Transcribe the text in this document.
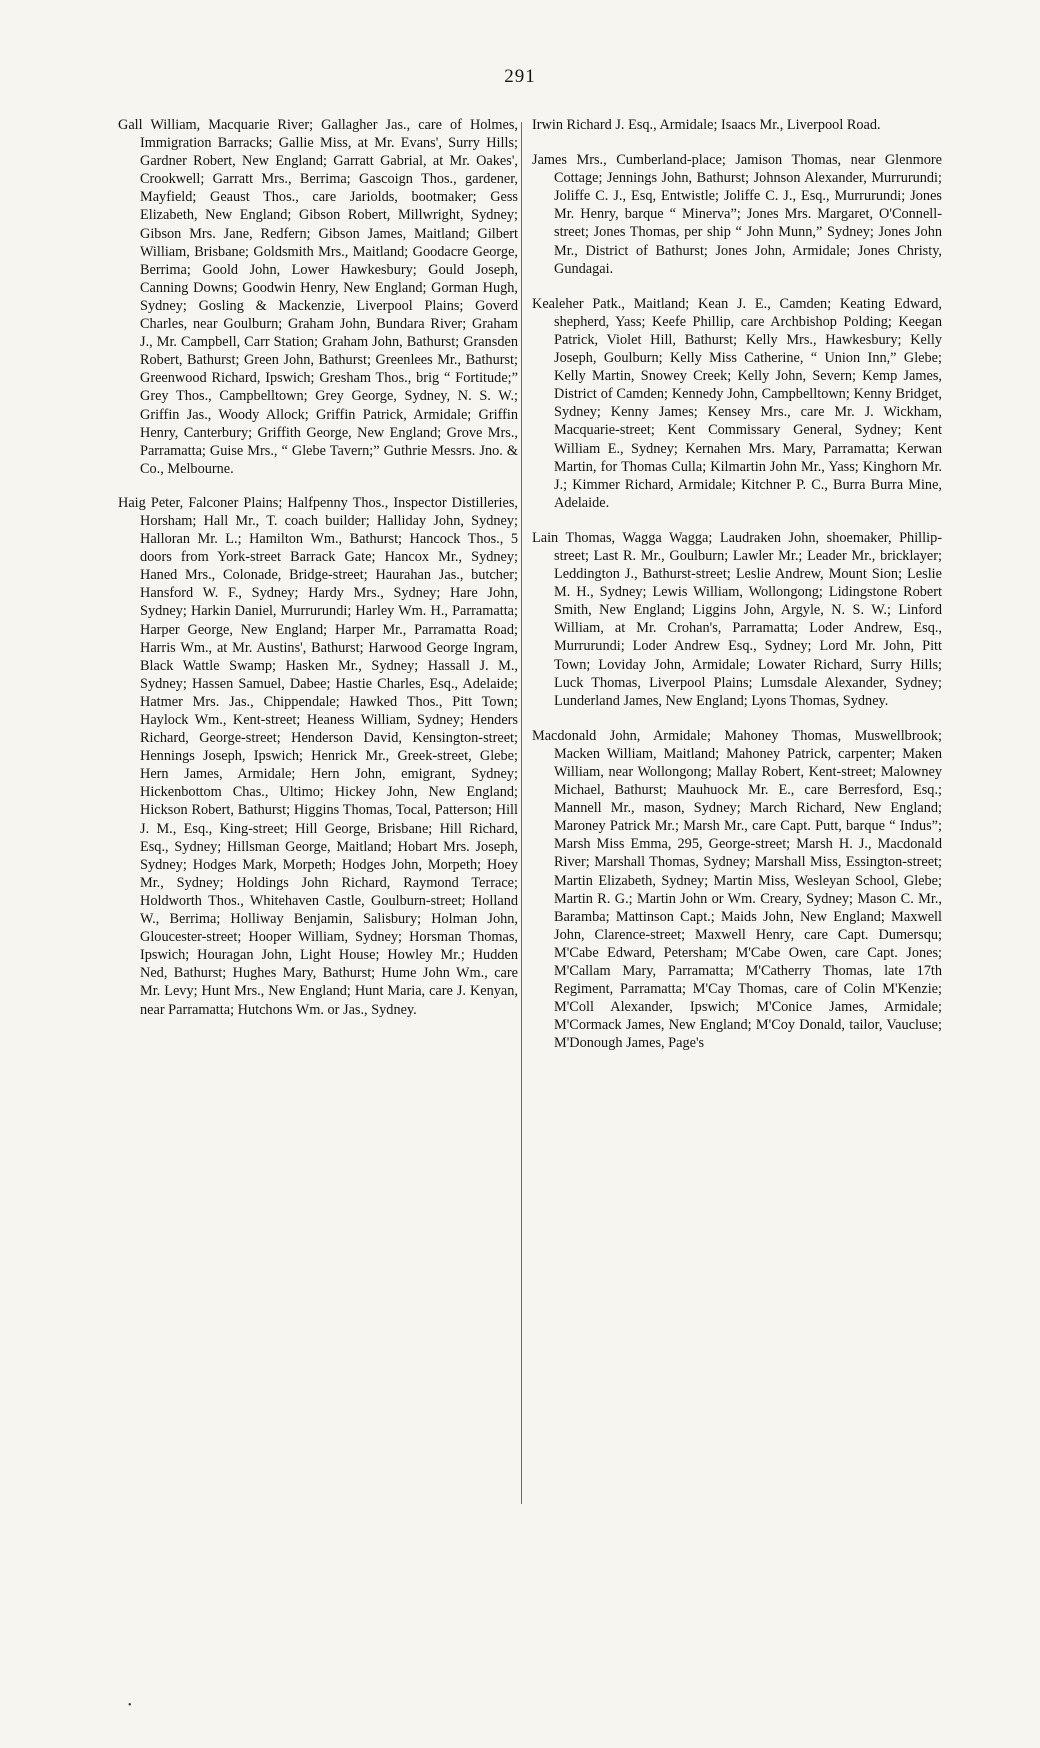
291

Gall William, Macquarie River; Gallagher Jas., care of Holmes, Immigration Barracks; Gallie Miss, at Mr. Evans', Surry Hills; Gardner Robert, New England; Garratt Gabrial, at Mr. Oakes', Crookwell; Garratt Mrs., Berrima; Gascoign Thos., gardener, Mayfield; Geaust Thos., care Jariolds, bootmaker; Gess Elizabeth, New England; Gibson Robert, Millwright, Sydney; Gibson Mrs. Jane, Redfern; Gibson James, Maitland; Gilbert William, Brisbane; Goldsmith Mrs., Maitland; Goodacre George, Berrima; Goold John, Lower Hawkesbury; Gould Joseph, Canning Downs; Goodwin Henry, New England; Gorman Hugh, Sydney; Gosling & Mackenzie, Liverpool Plains; Goverd Charles, near Goulburn; Graham John, Bundara River; Graham J., Mr. Campbell, Carr Station; Graham John, Bathurst; Gransden Robert, Bathurst; Green John, Bathurst; Greenlees Mr., Bathurst; Greenwood Richard, Ipswich; Gresham Thos., brig “ Fortitude;” Grey Thos., Campbelltown; Grey George, Sydney, N. S. W.; Griffin Jas., Woody Allock; Griffin Patrick, Armidale; Griffin Henry, Canterbury; Griffith George, New England; Grove Mrs., Parramatta; Guise Mrs., “ Glebe Tavern;” Guthrie Messrs. Jno. & Co., Melbourne.

Haig Peter, Falconer Plains; Halfpenny Thos., Inspector Distilleries, Horsham; Hall Mr., T. coach builder; Halliday John, Sydney; Halloran Mr. L.; Hamilton Wm., Bathurst; Hancock Thos., 5 doors from York-street Barrack Gate; Hancox Mr., Sydney; Haned Mrs., Colonade, Bridge-street; Haurahan Jas., butcher; Hansford W. F., Sydney; Hardy Mrs., Sydney; Hare John, Sydney; Harkin Daniel, Murrurundi; Harley Wm. H., Parramatta; Harper George, New England; Harper Mr., Parramatta Road; Harris Wm., at Mr. Austins', Bathurst; Harwood George Ingram, Black Wattle Swamp; Hasken Mr., Sydney; Hassall J. M., Sydney; Hassen Samuel, Dabee; Hastie Charles, Esq., Adelaide; Hatmer Mrs. Jas., Chippendale; Hawked Thos., Pitt Town; Haylock Wm., Kent-street; Heaness William, Sydney; Henders Richard, George-street; Henderson David, Kensington-street; Hennings Joseph, Ipswich; Henrick Mr., Greek-street, Glebe; Hern James, Armidale; Hern John, emigrant, Sydney; Hickenbottom Chas., Ultimo; Hickey John, New England; Hickson Robert, Bathurst; Higgins Thomas, Tocal, Patterson; Hill J. M., Esq., King-street; Hill George, Brisbane; Hill Richard, Esq., Sydney; Hillsman George, Maitland; Hobart Mrs. Joseph, Sydney; Hodges Mark, Morpeth; Hodges John, Morpeth; Hoey Mr., Sydney; Holdings John Richard, Raymond Terrace; Holdworth Thos., Whitehaven Castle, Goulburn-street; Holland W., Berrima; Holliway Benjamin, Salisbury; Holman John, Gloucester-street; Hooper William, Sydney; Horsman Thomas, Ipswich; Houragan John, Light House; Howley Mr.; Hudden Ned, Bathurst; Hughes Mary, Bathurst; Hume John Wm., care Mr. Levy; Hunt Mrs., New England; Hunt Maria, care J. Kenyan, near Parramatta; Hutchons Wm. or Jas., Sydney.

Irwin Richard J. Esq., Armidale; Isaacs Mr., Liverpool Road.

James Mrs., Cumberland-place; Jamison Thomas, near Glenmore Cottage; Jennings John, Bathurst; Johnson Alexander, Murrurundi; Joliffe C. J., Esq, Entwistle; Joliffe C. J., Esq., Murrurundi; Jones Mr. Henry, barque “ Minerva”; Jones Mrs. Margaret, O'Connell-street; Jones Thomas, per ship “ John Munn,” Sydney; Jones John Mr., District of Bathurst; Jones John, Armidale; Jones Christy, Gundagai.

Kealeher Patk., Maitland; Kean J. E., Camden; Keating Edward, shepherd, Yass; Keefe Phillip, care Archbishop Polding; Keegan Patrick, Violet Hill, Bathurst; Kelly Mrs., Hawkesbury; Kelly Joseph, Goulburn; Kelly Miss Catherine, “ Union Inn,” Glebe; Kelly Martin, Snowey Creek; Kelly John, Severn; Kemp James, District of Camden; Kennedy John, Campbelltown; Kenny Bridget, Sydney; Kenny James; Kensey Mrs., care Mr. J. Wickham, Macquarie-street; Kent Commissary General, Sydney; Kent William E., Sydney; Kernahen Mrs. Mary, Parramatta; Kerwan Martin, for Thomas Culla; Kilmartin John Mr., Yass; Kinghorn Mr. J.; Kimmer Richard, Armidale; Kitchner P. C., Burra Burra Mine, Adelaide.

Lain Thomas, Wagga Wagga; Laudraken John, shoemaker, Phillip-street; Last R. Mr., Goulburn; Lawler Mr.; Leader Mr., bricklayer; Leddington J., Bathurst-street; Leslie Andrew, Mount Sion; Leslie M. H., Sydney; Lewis William, Wollongong; Lidingstone Robert Smith, New England; Liggins John, Argyle, N. S. W.; Linford William, at Mr. Crohan's, Parramatta; Loder Andrew, Esq., Murrurundi; Loder Andrew Esq., Sydney; Lord Mr. John, Pitt Town; Loviday John, Armidale; Lowater Richard, Surry Hills; Luck Thomas, Liverpool Plains; Lumsdale Alexander, Sydney; Lunderland James, New England; Lyons Thomas, Sydney.

Macdonald John, Armidale; Mahoney Thomas, Muswellbrook; Macken William, Maitland; Mahoney Patrick, carpenter; Maken William, near Wollongong; Mallay Robert, Kent-street; Malowney Michael, Bathurst; Mauhuock Mr. E., care Berresford, Esq.; Mannell Mr., mason, Sydney; March Richard, New England; Maroney Patrick Mr.; Marsh Mr., care Capt. Putt, barque “ Indus”; Marsh Miss Emma, 295, George-street; Marsh H. J., Macdonald River; Marshall Thomas, Sydney; Marshall Miss, Essington-street; Martin Elizabeth, Sydney; Martin Miss, Wesleyan School, Glebe; Martin R. G.; Martin John or Wm. Creary, Sydney; Mason C. Mr., Baramba; Mattinson Capt.; Maids John, New England; Maxwell John, Clarence-street; Maxwell Henry, care Capt. Dumersqu; M'Cabe Edward, Petersham; M'Cabe Owen, care Capt. Jones; M'Callam Mary, Parramatta; M'Catherry Thomas, late 17th Regiment, Parramatta; M'Cay Thomas, care of Colin M'Kenzie; M'Coll Alexander, Ipswich; M'Conice James, Armidale; M'Cormack James, New England; M'Coy Donald, tailor, Vaucluse; M'Donough James, Page's

•
